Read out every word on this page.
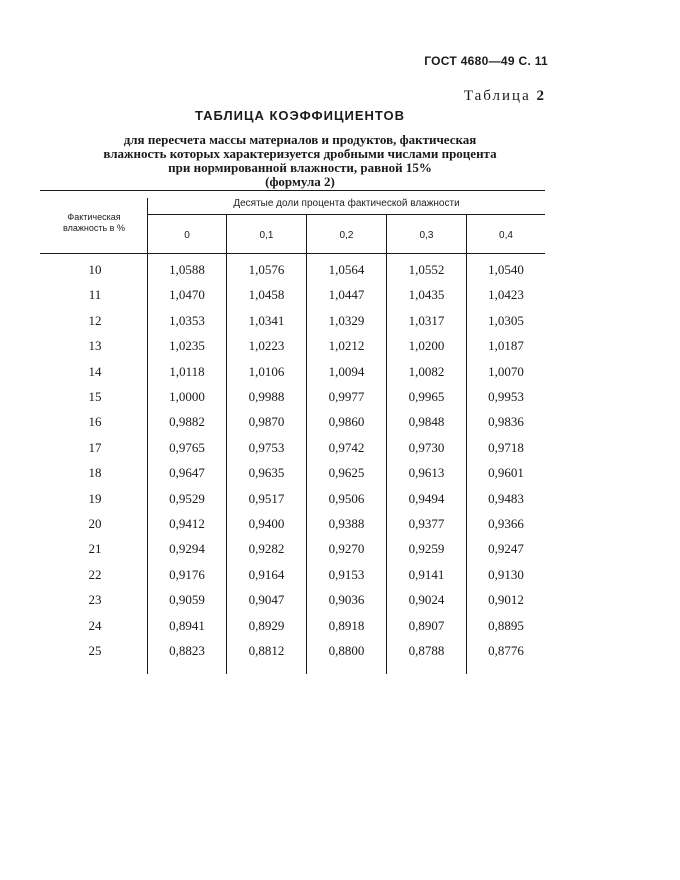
ГОСТ 4680—49 С. 11
Таблица 2
ТАБЛИЦА КОЭФФИЦИЕНТОВ
для пересчета массы материалов и продуктов, фактическая
влажность которых характеризуется дробными числами процента
при нормированной влажности, равной 15%
(формула 2)
Фактическая
влажность в %
Десятые доли процента фактической влажности
0	0,1	0,2	0,3	0,4
10	1,0588	1,0576	1,0564	1,0552	1,0540
11	1,0470	1,0458	1,0447	1,0435	1,0423
12	1,0353	1,0341	1,0329	1,0317	1,0305
13	1,0235	1,0223	1,0212	1,0200	1,0187
14	1,0118	1,0106	1,0094	1,0082	1,0070
15	1,0000	0,9988	0,9977	0,9965	0,9953
16	0,9882	0,9870	0,9860	0,9848	0,9836
17	0,9765	0,9753	0,9742	0,9730	0,9718
18	0,9647	0,9635	0,9625	0,9613	0,9601
19	0,9529	0,9517	0,9506	0,9494	0,9483
20	0,9412	0,9400	0,9388	0,9377	0,9366
21	0,9294	0,9282	0,9270	0,9259	0,9247
22	0,9176	0,9164	0,9153	0,9141	0,9130
23	0,9059	0,9047	0,9036	0,9024	0,9012
24	0,8941	0,8929	0,8918	0,8907	0,8895
25	0,8823	0,8812	0,8800	0,8788	0,8776
